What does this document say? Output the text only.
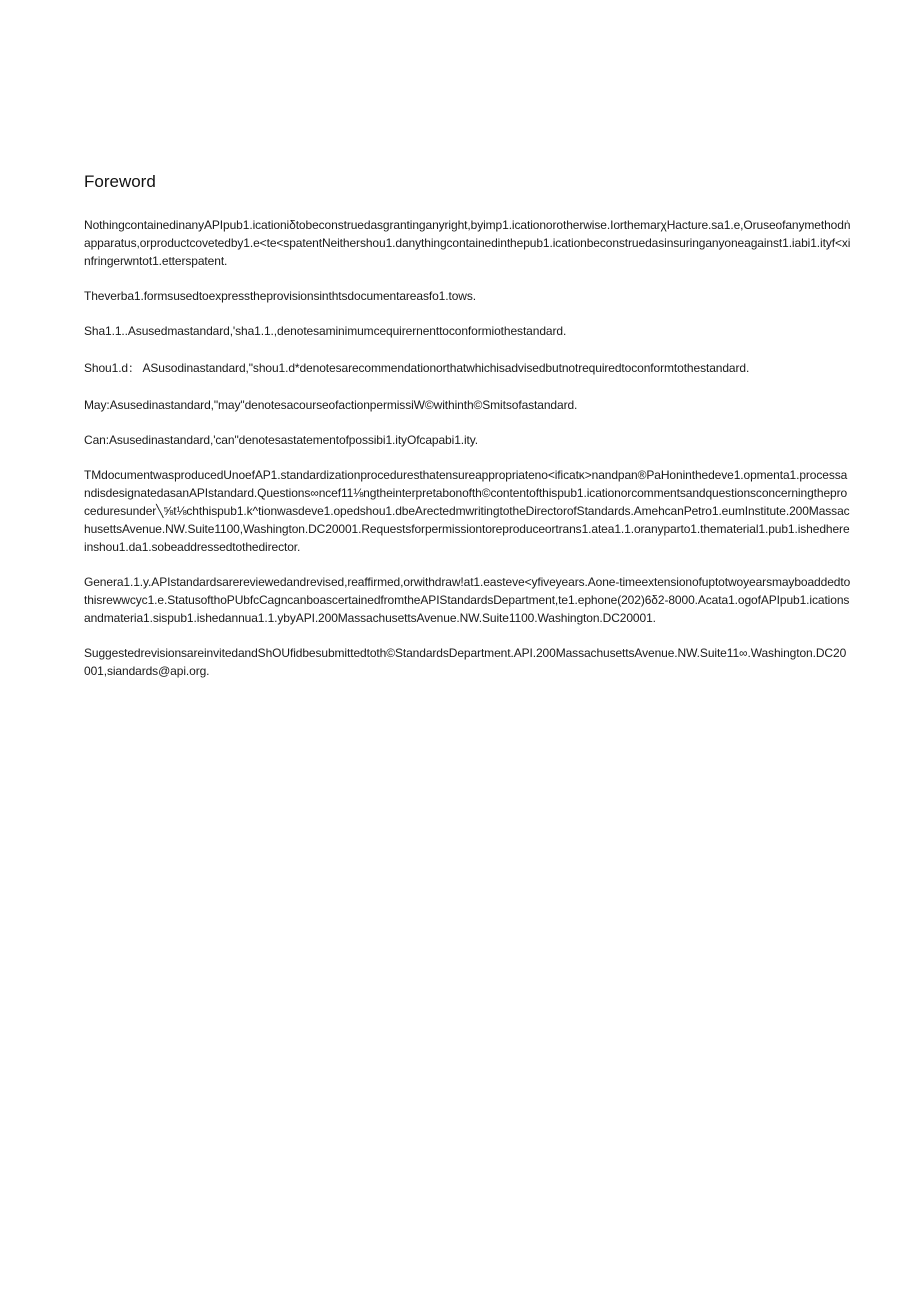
Foreword

NothingcontainedinanyAPIpub1.icationiδtobeconstruedasgrantinganyright,byimp1.icationorotherwise.IorthemarχHacture.sa1.e,Oruseofanymethodṅapparatus,orproductcovetedby1.e<te<spatentNeithershou1.danythingcontainedinthepub1.icationbeconstruedasinsuringanyoneagainst1.iabi1.ityf<xinfringerwntot1.etterspatent.

Theverba1.formsusedtoexpresstheprovisionsinthtsdocumentareasfo1.tows.

Sha1.1..Asusedmastandard,'sha1.1.,denotesaminimumcequirernenttoconformiothestandard.

Shou1.d： ASusodinastandard,"shou1.d*denotesarecommendationorthatwhichisadvisedbutnotrequiredtoconformtothestandard.

May:Asusedinastandard,"may"denotesacourseofactionpermissiW©withinth©Smitsofastandard.

Can:Asusedinastandard,'can"denotesastatementofpossibi1.ityOfcapabi1.ity.

TMdocumentwasproducedUnoefAP1.standardizationproceduresthatensureappropriateno<ificatκ>nandpan®PaHoninthedeve1.opmenta1.processandisdesignatedasanAPIstandard.Questions∞ncef11⅛ngtheinterpretabonofth©contentofthispub1.icationorcommentsandquestionsconcerningtheproceduresunder╲⅝t⅛chthispub1.k^tionwasdeve1.opedshou1.dbeArectedmwritingtotheDirectorofStandards.AmehcanPetro1.eumInstitute.200MassachusettsAvenue.NW.Suite1100,Washington.DC20001.Requestsforpermissiontoreproduceortrans1.atea1.1.oranyparto1.thematerial1.pub1.ishedhereinshou1.da1.sobeaddressedtothedirector.

Genera1.1.y.APIstandardsarereviewedandrevised,reaffirmed,orwithdraw!at1.easteve<yfiveyears.Aone-timeextensionofuptotwoyearsmayboaddedtothisrewwcyc1.e.StatusofthoPUbfcCagncanboascertainedfromtheAPIStandardsDepartment,te1.ephone(202)6δ2-8000.Acata1.ogofAPIpub1.icationsandmateria1.sispub1.ishedannua1.1.ybyAPI.200MassachusettsAvenue.NW.Suite1100.Washington.DC20001.

SuggestedrevisionsareinvitedandShOUfidbesubmittedtoth©StandardsDepartment.API.200MassachusettsAvenue.NW.Suite11∞.Washington.DC20001,siandards@api.org.
